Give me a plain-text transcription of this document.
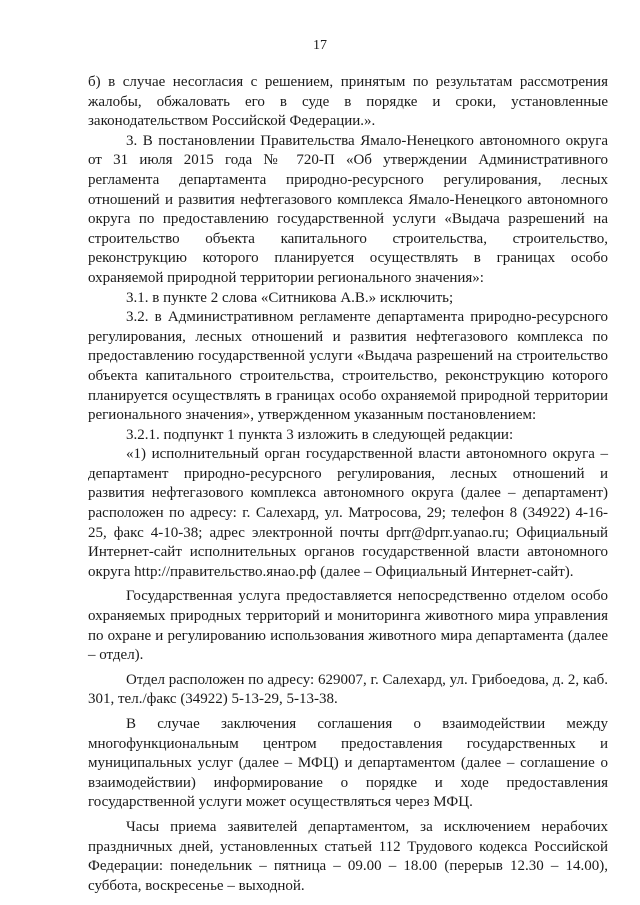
17

б) в случае несогласия с решением, принятым по результатам рассмотрения жалобы, обжаловать его в суде в порядке и сроки, установленные законодательством Российской Федерации.».

3. В постановлении Правительства Ямало-Ненецкого автономного округа от 31 июля 2015 года № 720-П «Об утверждении Административного регламента департамента природно-ресурсного регулирования, лесных отношений и развития нефтегазового комплекса Ямало-Ненецкого автономного округа по предоставлению государственной услуги «Выдача разрешений на строительство объекта капитального строительства, строительство, реконструкцию которого планируется осуществлять в границах особо охраняемой природной территории регионального значения»:

3.1. в пункте 2 слова «Ситникова А.В.» исключить;

3.2. в Административном регламенте департамента природно-ресурсного регулирования, лесных отношений и развития нефтегазового комплекса по предоставлению государственной услуги «Выдача разрешений на строительство объекта капитального строительства, строительство, реконструкцию которого планируется осуществлять в границах особо охраняемой природной территории регионального значения», утвержденном указанным постановлением:

3.2.1. подпункт 1 пункта 3 изложить в следующей редакции:

«1) исполнительный орган государственной власти автономного округа – департамент природно-ресурсного регулирования, лесных отношений и развития нефтегазового комплекса автономного округа (далее – департамент) расположен по адресу: г. Салехард, ул. Матросова, 29; телефон 8 (34922) 4-16-25, факс 4-10-38; адрес электронной почты dprr@dprr.yanao.ru; Официальный Интернет-сайт исполнительных органов государственной власти автономного округа http://правительство.янао.рф (далее – Официальный Интернет-сайт).

Государственная услуга предоставляется непосредственно отделом особо охраняемых природных территорий и мониторинга животного мира управления по охране и регулированию использования животного мира департамента (далее – отдел).

Отдел расположен по адресу: 629007, г. Салехард, ул. Грибоедова, д. 2, каб. 301, тел./факс (34922) 5-13-29, 5-13-38.

В случае заключения соглашения о взаимодействии между многофункциональным центром предоставления государственных и муниципальных услуг (далее – МФЦ) и департаментом (далее – соглашение о взаимодействии) информирование о порядке и ходе предоставления государственной услуги может осуществляться через МФЦ.

Часы приема заявителей департаментом, за исключением нерабочих праздничных дней, установленных статьей 112 Трудового кодекса Российской Федерации: понедельник – пятница – 09.00 – 18.00 (перерыв 12.30 – 14.00), суббота, воскресенье – выходной.
